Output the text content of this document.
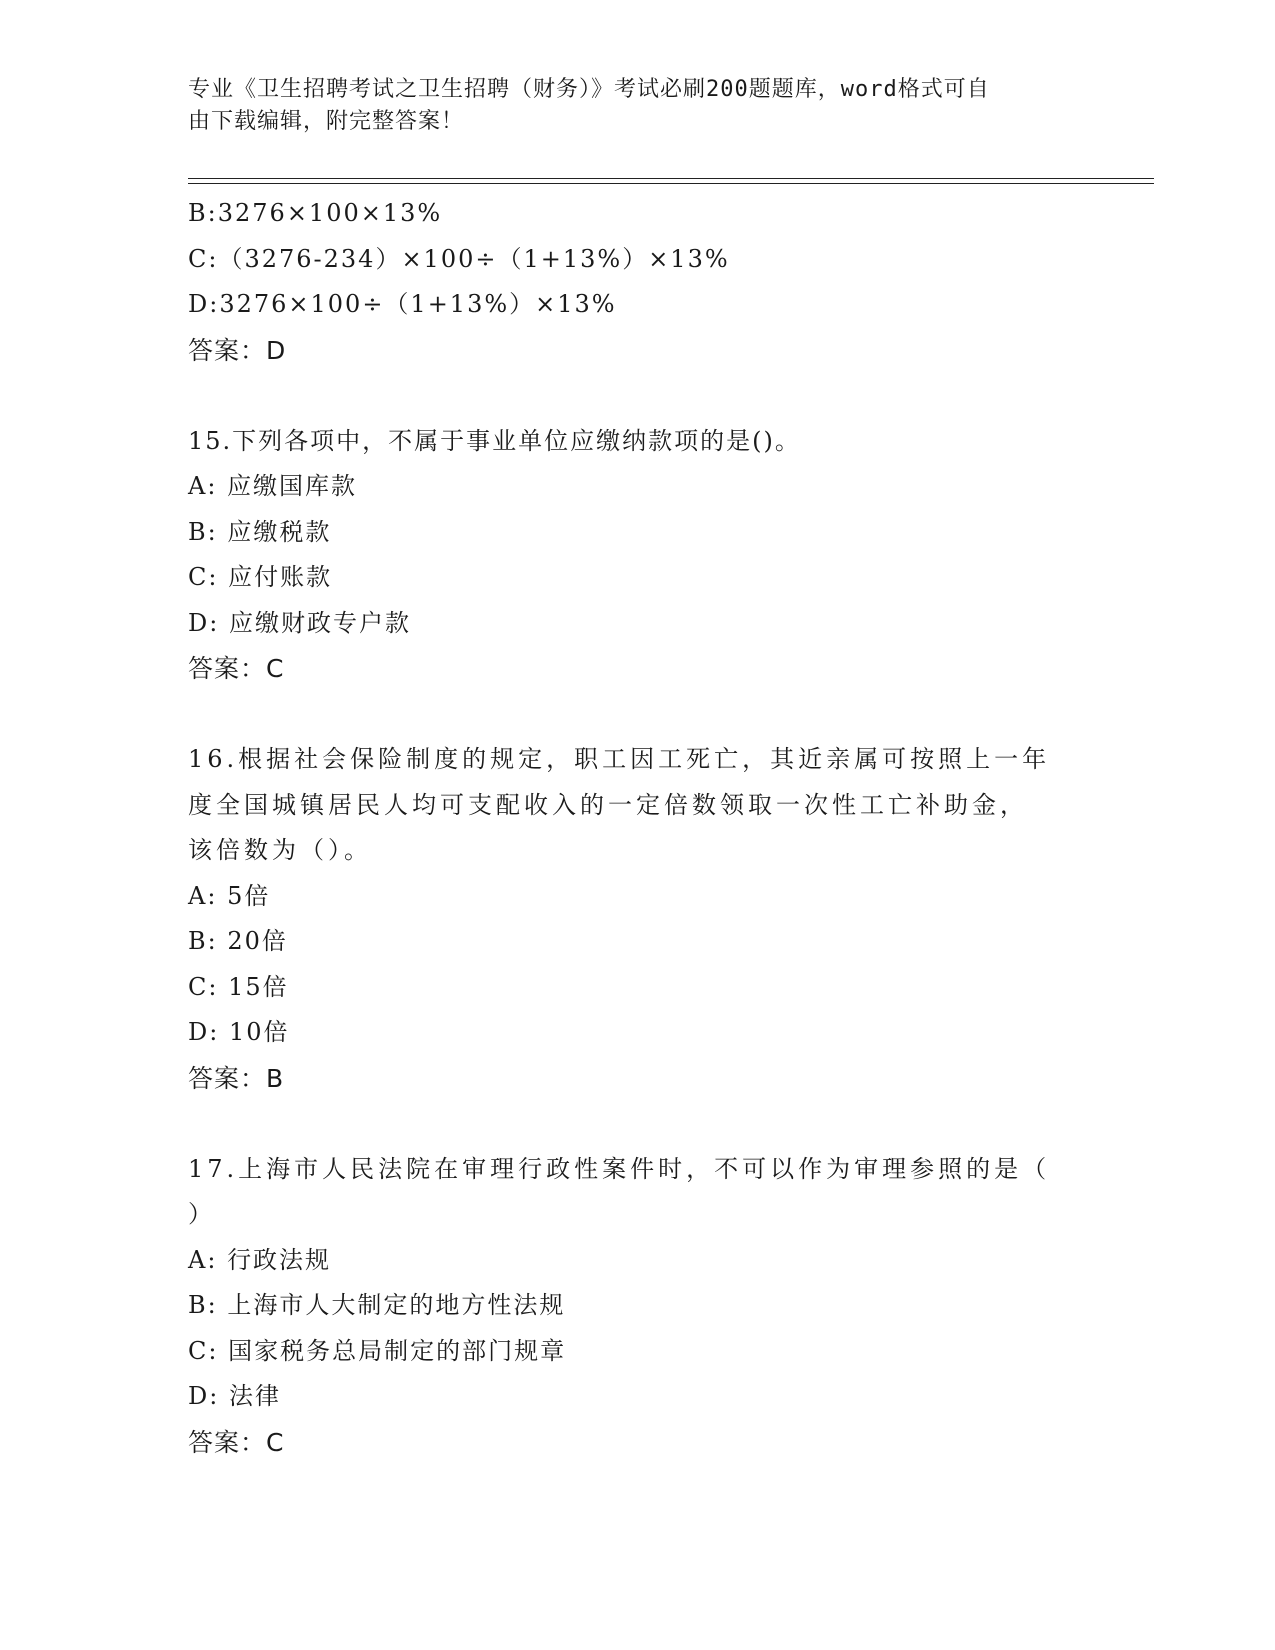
专业《卫生招聘考试之卫生招聘（财务）》考试必刷200题题库，word格式可自
由下载编辑，附完整答案！
B:3276×100×13%
C:（3276-234）×100÷（1+13%）×13%
D:3276×100÷（1+13%）×13%
答案：D
15.下列各项中，不属于事业单位应缴纳款项的是()。
A: 应缴国库款
B: 应缴税款
C: 应付账款
D: 应缴财政专户款
答案：C
16.根据社会保险制度的规定，职工因工死亡，其近亲属可按照上一年
度全国城镇居民人均可支配收入的一定倍数领取一次性工亡补助金，
该倍数为（）。
A: 5倍
B: 20倍
C: 15倍
D: 10倍
答案：B
17.上海市人民法院在审理行政性案件时，不可以作为审理参照的是（
）
A: 行政法规
B: 上海市人大制定的地方性法规
C: 国家税务总局制定的部门规章
D: 法律
答案：C
